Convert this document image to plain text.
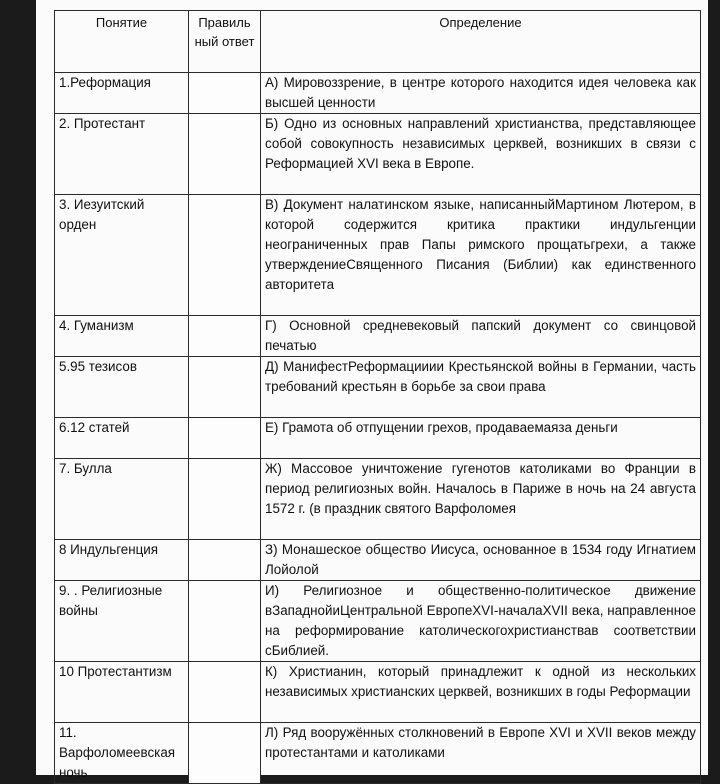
Понятие	Правиль ный ответ	Определение
1.Реформация		А) Мировоззрение, в центре которого находится идея человека как высшей ценности
2. Протестант		Б) Одно из основных направлений христианства, представляющее собой совокупность независимых церквей, возникших в связи с Реформацией XVI века в Европе.
3. Иезуитский орден		В) Документ налатинском языке, написанныйМартином Лютером, в которой содержится критика практики индульгенции неограниченных прав Папы римского прощатьгрехи, а также утверждениеСвященного Писания (Библии) как единственного авторитета
4. Гуманизм		Г) Основной средневековый папский документ со свинцовой печатью
5.95 тезисов		Д) МанифестРеформацииии Крестьянской войны в Германии, часть требований крестьян в борьбе за свои права
6.12 статей		Е) Грамота об отпущении грехов, продаваемаяза деньги
7. Булла		Ж) Массовое уничтожение гугенотов католиками во Франции в период религиозных войн. Началось в Париже в ночь на 24 августа 1572 г. (в праздник святого Варфоломея
8 Индульгенция		З) Монашеское общество Иисуса, основанное в 1534 году Игнатием Лойолой
9. . Религиозные войны		И) Религиозное и общественно-политическое движение вЗападнойиЦентральной ЕвропеXVI-началаXVII века, направленное на реформирование католическогохристианствав соответствии сБиблией.
10 Протестантизм		К) Христианин, который принадлежит к одной из нескольких независимых христианских церквей, возникших в годы Реформации
11. Варфоломеевская ночь		Л) Ряд вооружённых столкновений в Европе XVI и XVII веков между протестантами и католиками
